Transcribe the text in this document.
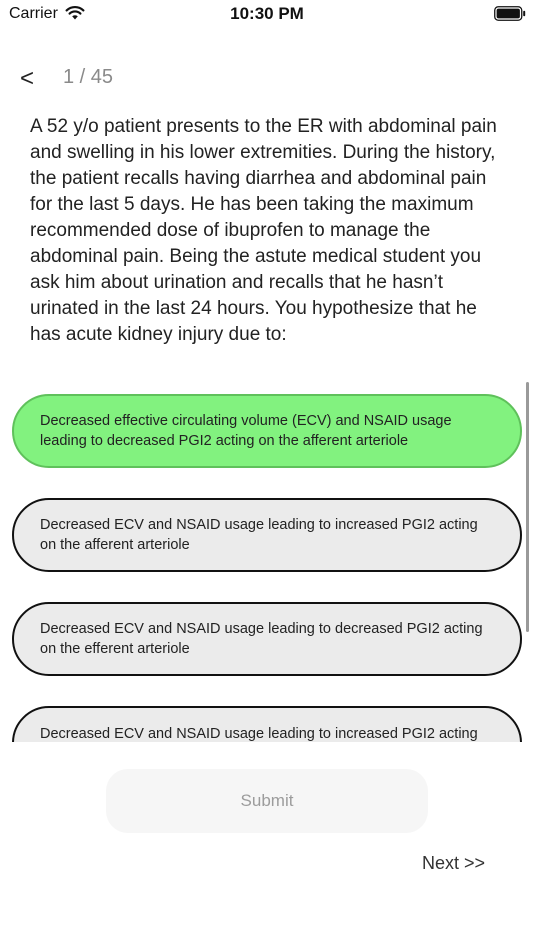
Carrier	10:30 PM
<	1 / 45
A 52 y/o patient presents to the ER with abdominal pain and swelling in his lower extremities. During the history, the patient recalls having diarrhea and abdominal pain for the last 5 days. He has been taking the maximum recommended dose of ibuprofen to manage the abdominal pain. Being the astute medical student you ask him about urination and recalls that he hasn’t urinated in the last 24 hours. You hypothesize that he has acute kidney injury due to:
Decreased effective circulating volume (ECV) and NSAID usage leading to decreased PGI2 acting on the afferent arteriole
Decreased ECV and NSAID usage leading to increased PGI2 acting on the afferent arteriole
Decreased ECV and NSAID usage leading to decreased PGI2 acting on the efferent arteriole
Decreased ECV and NSAID usage leading to increased PGI2 acting
Submit
Next >>
